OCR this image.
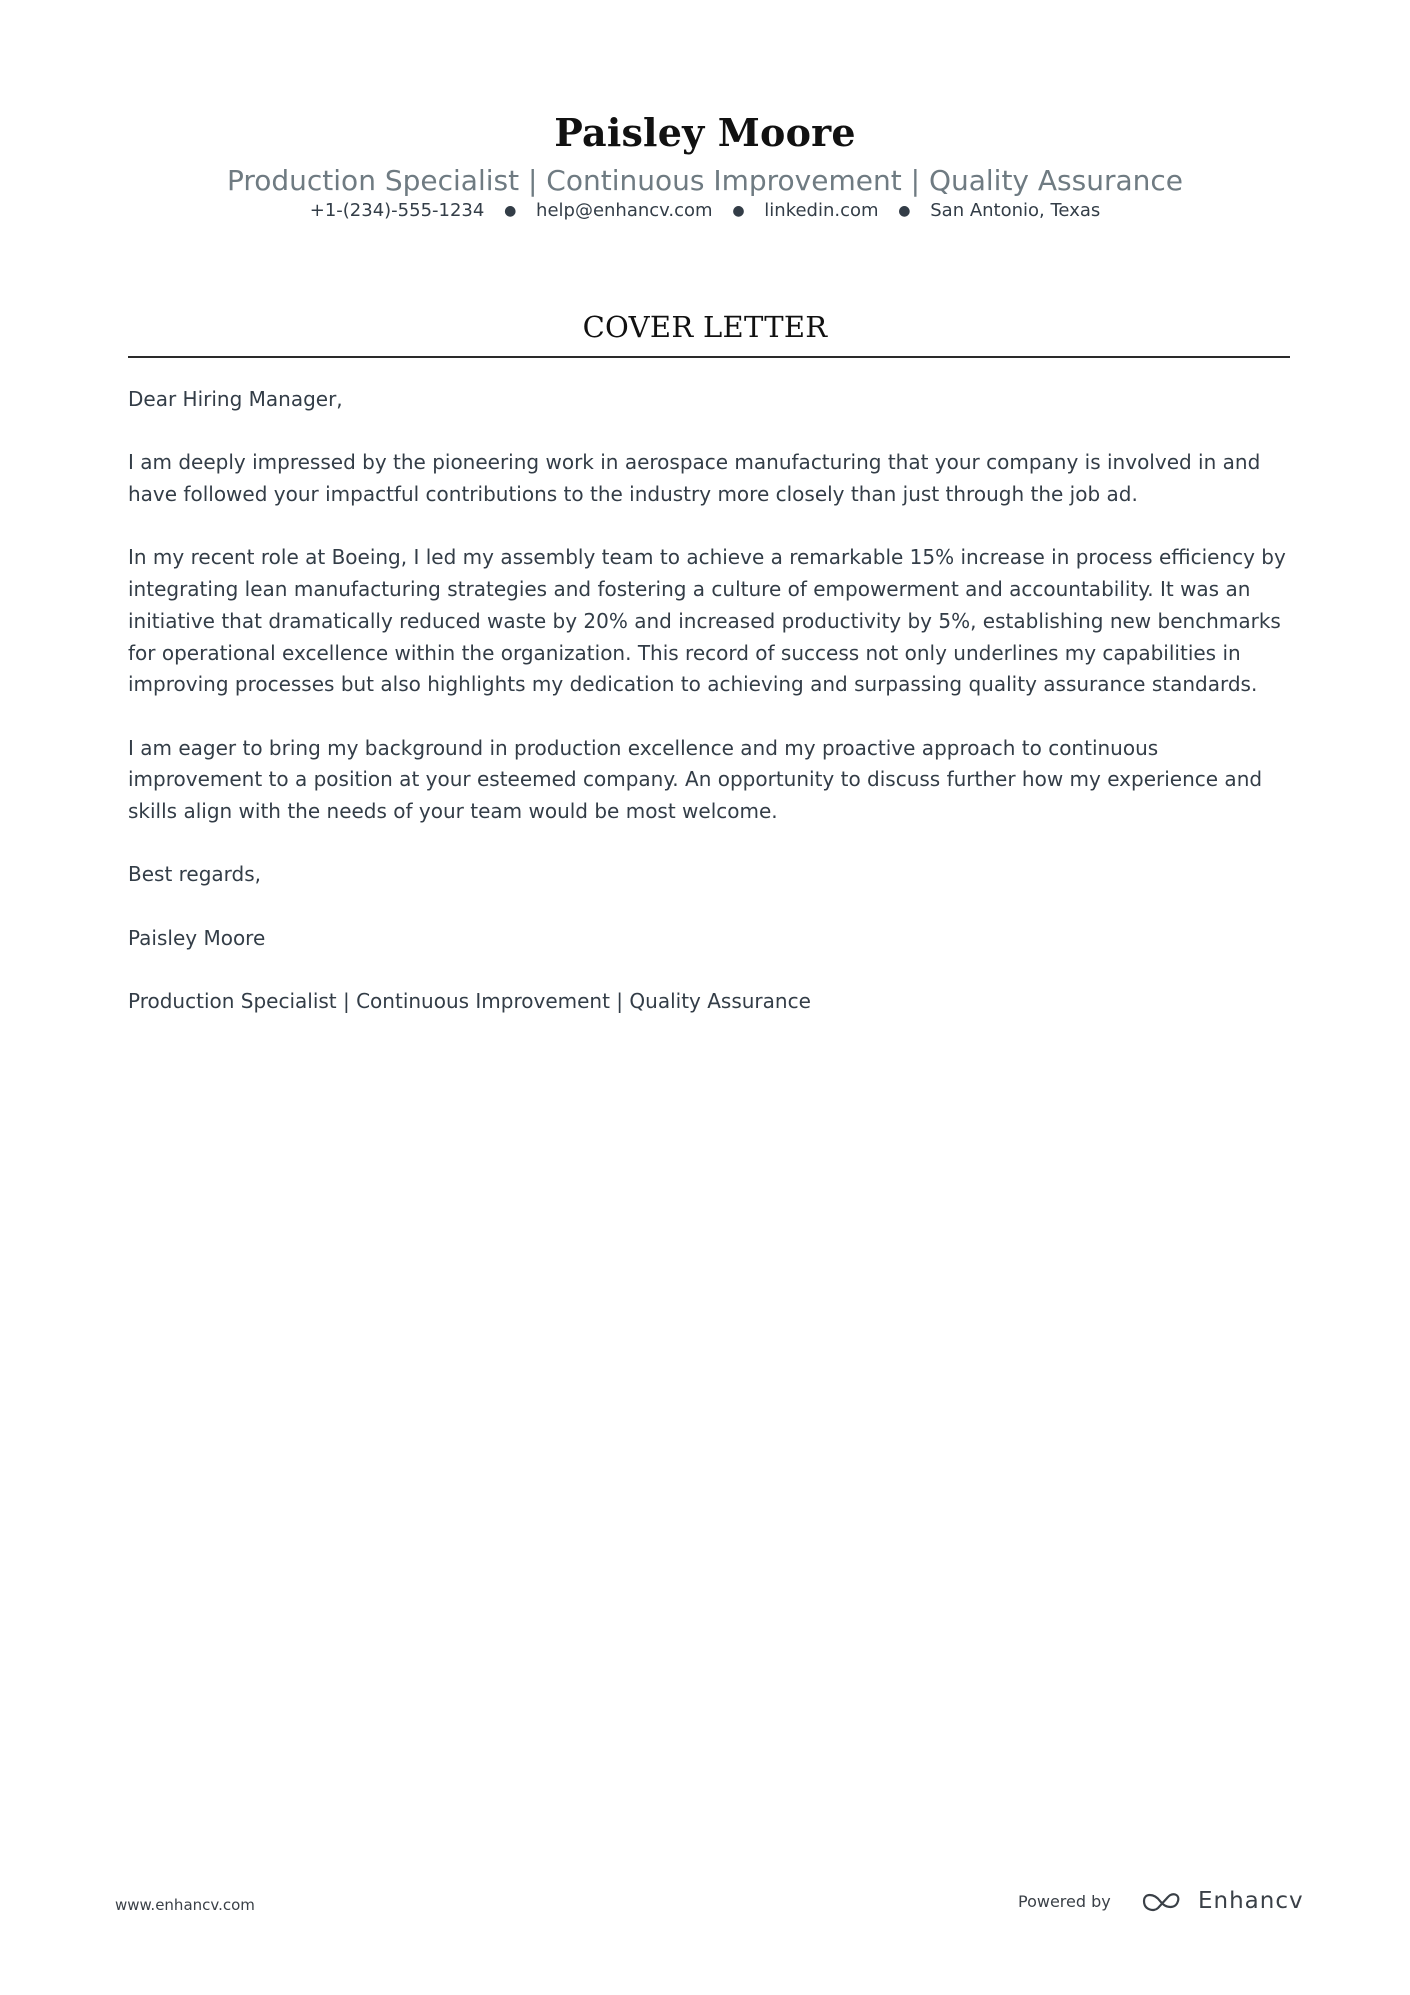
Paisley Moore
Production Specialist | Continuous Improvement | Quality Assurance
+1-(234)-555-1234 ● help@enhancv.com ● linkedin.com ● San Antonio, Texas
COVER LETTER

Dear Hiring Manager,

I am deeply impressed by the pioneering work in aerospace manufacturing that your company is involved in and have followed your impactful contributions to the industry more closely than just through the job ad.

In my recent role at Boeing, I led my assembly team to achieve a remarkable 15% increase in process efficiency by integrating lean manufacturing strategies and fostering a culture of empowerment and accountability. It was an initiative that dramatically reduced waste by 20% and increased productivity by 5%, establishing new benchmarks for operational excellence within the organization. This record of success not only underlines my capabilities in improving processes but also highlights my dedication to achieving and surpassing quality assurance standards.

I am eager to bring my background in production excellence and my proactive approach to continuous improvement to a position at your esteemed company. An opportunity to discuss further how my experience and skills align with the needs of your team would be most welcome.

Best regards,

Paisley Moore

Production Specialist | Continuous Improvement | Quality Assurance

www.enhancv.com	Powered by	Enhancv
